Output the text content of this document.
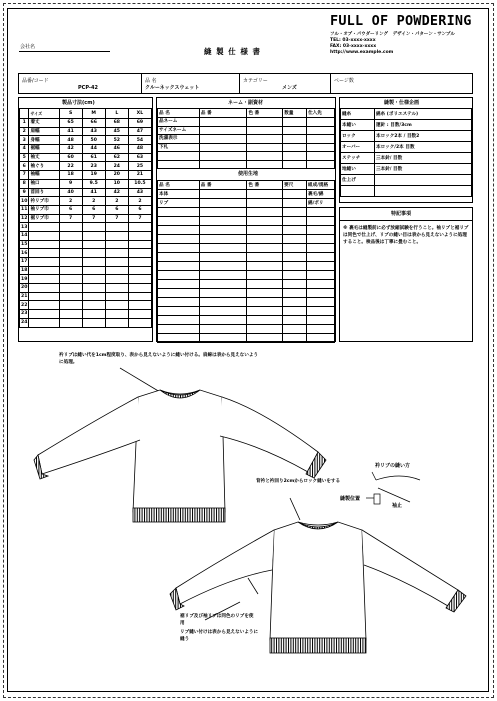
会社名	縫 製 仕 様 書
FULL OF POWDERING
フル・オブ・パウダーリング デザイン・パターン・サンプル
TEL: 03-xxxx-xxxx
FAX: 03-xxxx-xxxx
http://www.example.com
品番/コード
PCP-42
品 名
クルーネックスウェット
カテゴリー
メンズ
ページ数
製品寸法(cm)
	サイズ	S	M	L	XL
1	着丈	65	66	68	69
2	肩幅	41	43	45	47
3	身幅	48	50	52	54
4	裾幅	42	44	46	48
5	袖丈	60	61	62	63
6	袖ぐり	22	23	24	25
7	袖幅	18	19	20	21
8	袖口	9	9.5	10	10.5
9	首回り	40	41	42	43
10	衿リブ巾	2	2	2	2
11	袖リブ巾	6	6	6	6
12	裾リブ巾	7	7	7	7
13					
14					
15					
16					
17					
18					
19					
20					
21					
22					
23					
24					
ネーム・副資材
品 名	品 番	色 番	数量	仕入先
品ネーム				
サイズネーム				
洗濯表示				
下札				

使用生地
品 名	品 番	色 番	要尺	組成/規格
本体				裏毛/綿
リブ				綿/ポリ

縫製・仕様企画
縫糸	綿糸 (ポリエステル)
本縫い	運針 : 目数/3cm
ロック	本ロック2本 / 目数2
オーバー	本ロック/2本 目数
ステッチ	三本針/ 目数
地縫い	三本針/ 目数
仕上げ	

特記事項
※ 裏毛は縫製前に必ず放縮試験を行うこと。袖リブと裾リブは同色で仕上げ、リブの縫い目は表から見えないように処理すること。検品後は丁寧に畳むこと。
衿リブは縫い代を1cm程度取り、表から見えないように縫い付ける。肩線は表から見えないように処理。
衿リブの縫い方
縫製位置
袖止
背衿と衿回り2cmからロック縫いをする
裾リブ及び袖リブは同色のリブを使用
リブ縫い付けは表から見えないように縫う
